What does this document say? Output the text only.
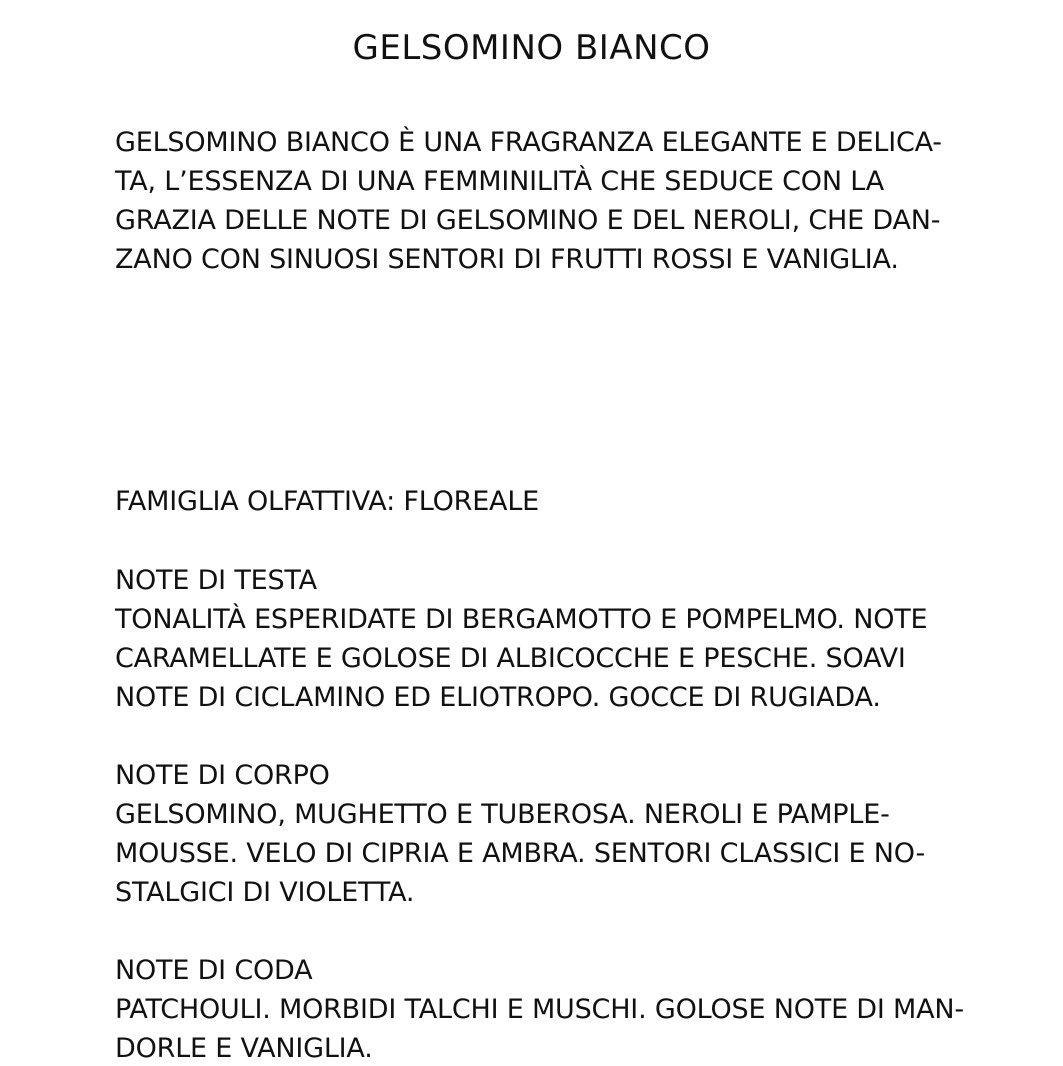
GELSOMINO BIANCO

GELSOMINO BIANCO È UNA FRAGRANZA ELEGANTE E DELICA-

TA, L’ESSENZA DI UNA FEMMINILITÀ CHE SEDUCE CON LA

GRAZIA DELLE NOTE DI GELSOMINO E DEL NEROLI, CHE DAN-

ZANO CON SINUOSI SENTORI DI FRUTTI ROSSI E VANIGLIA.

FAMIGLIA OLFATTIVA: FLOREALE

NOTE DI TESTA

TONALITÀ ESPERIDATE DI BERGAMOTTO E POMPELMO. NOTE

CARAMELLATE E GOLOSE DI ALBICOCCHE E PESCHE. SOAVI

NOTE DI CICLAMINO ED ELIOTROPO. GOCCE DI RUGIADA.

NOTE DI CORPO

GELSOMINO, MUGHETTO E TUBEROSA. NEROLI E PAMPLE-

MOUSSE. VELO DI CIPRIA E AMBRA. SENTORI CLASSICI E NO-

STALGICI DI VIOLETTA.

NOTE DI CODA

PATCHOULI. MORBIDI TALCHI E MUSCHI. GOLOSE NOTE DI MAN-

DORLE E VANIGLIA.
